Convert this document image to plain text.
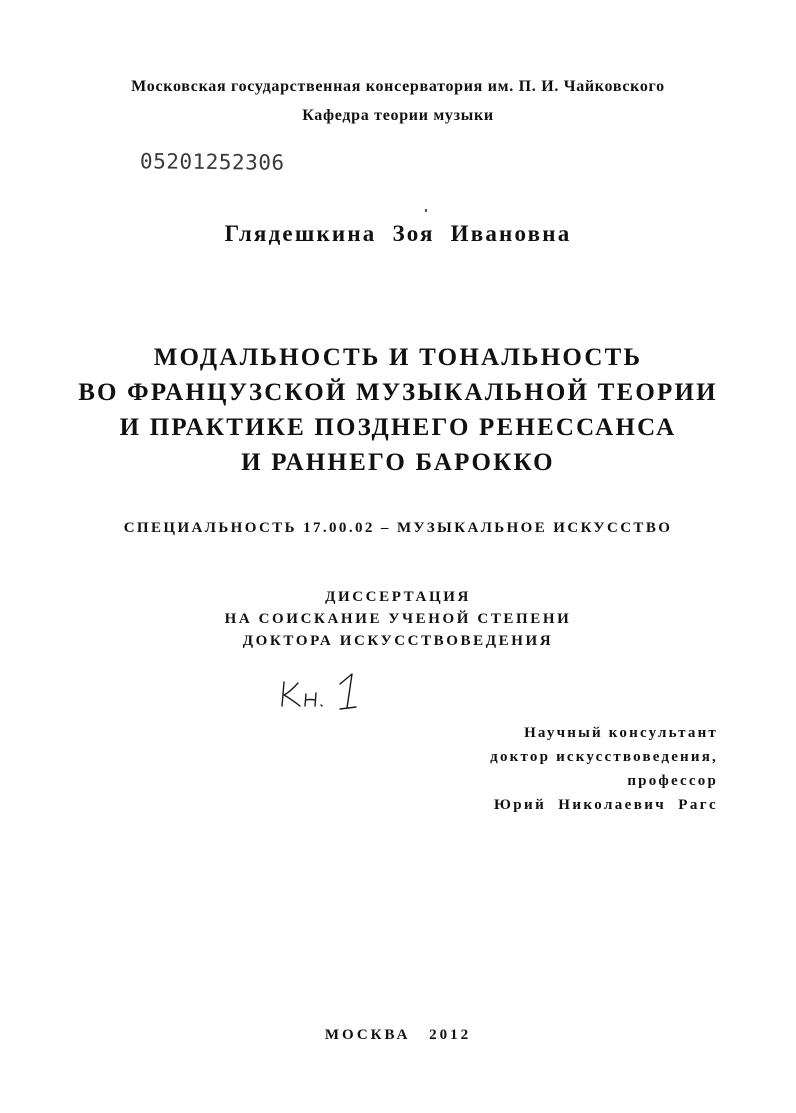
Московская государственная консерватория им. П. И. Чайковского
Кафедра теории музыки
05201252306
Глядешкина Зоя Ивановна
МОДАЛЬНОСТЬ И ТОНАЛЬНОСТЬ
ВО ФРАНЦУЗСКОЙ МУЗЫКАЛЬНОЙ ТЕОРИИ
И ПРАКТИКЕ ПОЗДНЕГО РЕНЕССАНСА
И РАННЕГО БАРОККО
СПЕЦИАЛЬНОСТЬ 17.00.02 – МУЗЫКАЛЬНОЕ ИСКУССТВО
ДИССЕРТАЦИЯ
НА СОИСКАНИЕ УЧЕНОЙ СТЕПЕНИ
ДОКТОРА ИСКУССТВОВЕДЕНИЯ
Научный консультант
доктор искусствоведения,
профессор
Юрий Николаевич Рагс
МОСКВА 2012
